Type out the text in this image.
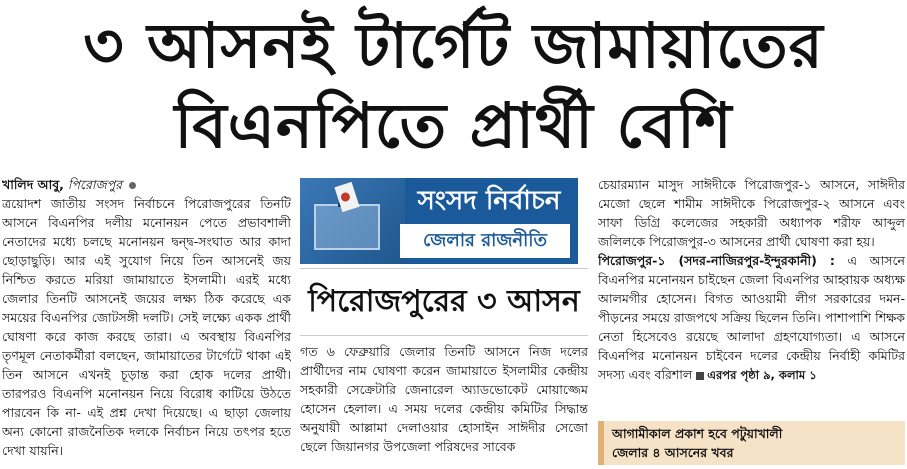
৩ আসনই টার্গেট জামায়াতের
বিএনপিতে প্রার্থী বেশি

খালিদ আবু, পিরোজপুর

ত্রয়োদশ জাতীয় সংসদ নির্বাচনে পিরোজপুরের তিনটি আসনে বিএনপির দলীয় মনোনয়ন পেতে প্রভাবশালী নেতাদের মধ্যে চলছে মনোনয়ন দ্বন্দ্ব-সংঘাত আর কাদা ছোড়াছুড়ি। আর এই সুযোগ নিয়ে তিন আসনেই জয় নিশ্চিত করতে মরিয়া জামায়াতে ইসলামী। এরই মধ্যে জেলার তিনটি আসনেই জয়ের লক্ষ্য ঠিক করেছে এক সময়ের বিএনপির জোটসঙ্গী দলটি। সেই লক্ষ্যে একক প্রার্থী ঘোষণা করে কাজ করছে তারা। এ অবস্থায় বিএনপির তৃণমূল নেতাকর্মীরা বলছেন, জামায়াতের টার্গেটে থাকা এই তিন আসনে এখনই চূড়ান্ত করা হোক দলের প্রার্থী। তারপরও বিএনপি মনোনয়ন নিয়ে বিরোধ কাটিয়ে উঠতে পারবেন কি না- এই প্রশ্ন দেখা দিয়েছে। এ ছাড়া জেলায় অন্য কোনো রাজনৈতিক দলকে নির্বাচন নিয়ে তৎপর হতে দেখা যায়নি।

সংসদ নির্বাচন
জেলার রাজনীতি
পিরোজপুরের ৩ আসন

গত ৬ ফেব্রুয়ারি জেলার তিনটি আসনে নিজ দলের প্রার্থীদের নাম ঘোষণা করেন জামায়াতে ইসলামীর কেন্দ্রীয় সহকারী সেক্রেটারি জেনারেল অ্যাডভোকেট মোয়াজ্জেম হোসেন হেলাল। এ সময় দলের কেন্দ্রীয় কমিটির সিদ্ধান্ত অনুযায়ী আল্লামা দেলাওয়ার হোসাইন সাঈদীর সেজো ছেলে জিয়ানগর উপজেলা পরিষদের সাবেক

চেয়ারম্যান মাসুদ সাঈদীকে পিরোজপুর-১ আসনে, সাঈদীর মেজো ছেলে শামীম সাঈদীকে পিরোজপুর-২ আসনে এবং সাফা ডিগ্রি কলেজের সহকারী অধ্যাপক শরীফ আব্দুল জলিলকে পিরোজপুর-৩ আসনের প্রার্থী ঘোষণা করা হয়।

পিরোজপুর-১ (সদর-নাজিরপুর-ইন্দুরকানী) : এ আসনে বিএনপির মনোনয়ন চাইছেন জেলা বিএনপির আহ্বায়ক অধ্যক্ষ আলমগীর হোসেন। বিগত আওয়ামী লীগ সরকারের দমন-পীড়নের সময়ে রাজপথে সক্রিয় ছিলেন তিনি। পাশাপাশি শিক্ষক নেতা হিসেবেও রয়েছে আলাদা গ্রহণযোগ্যতা। এ আসনে বিএনপির মনোনয়ন চাইবেন দলের কেন্দ্রীয় নির্বাহী কমিটির সদস্য এবং বরিশাল এরপর পৃষ্ঠা ৯, কলাম ১

আগামীকাল প্রকাশ হবে পটুয়াখালী
জেলার ৪ আসনের খবর
